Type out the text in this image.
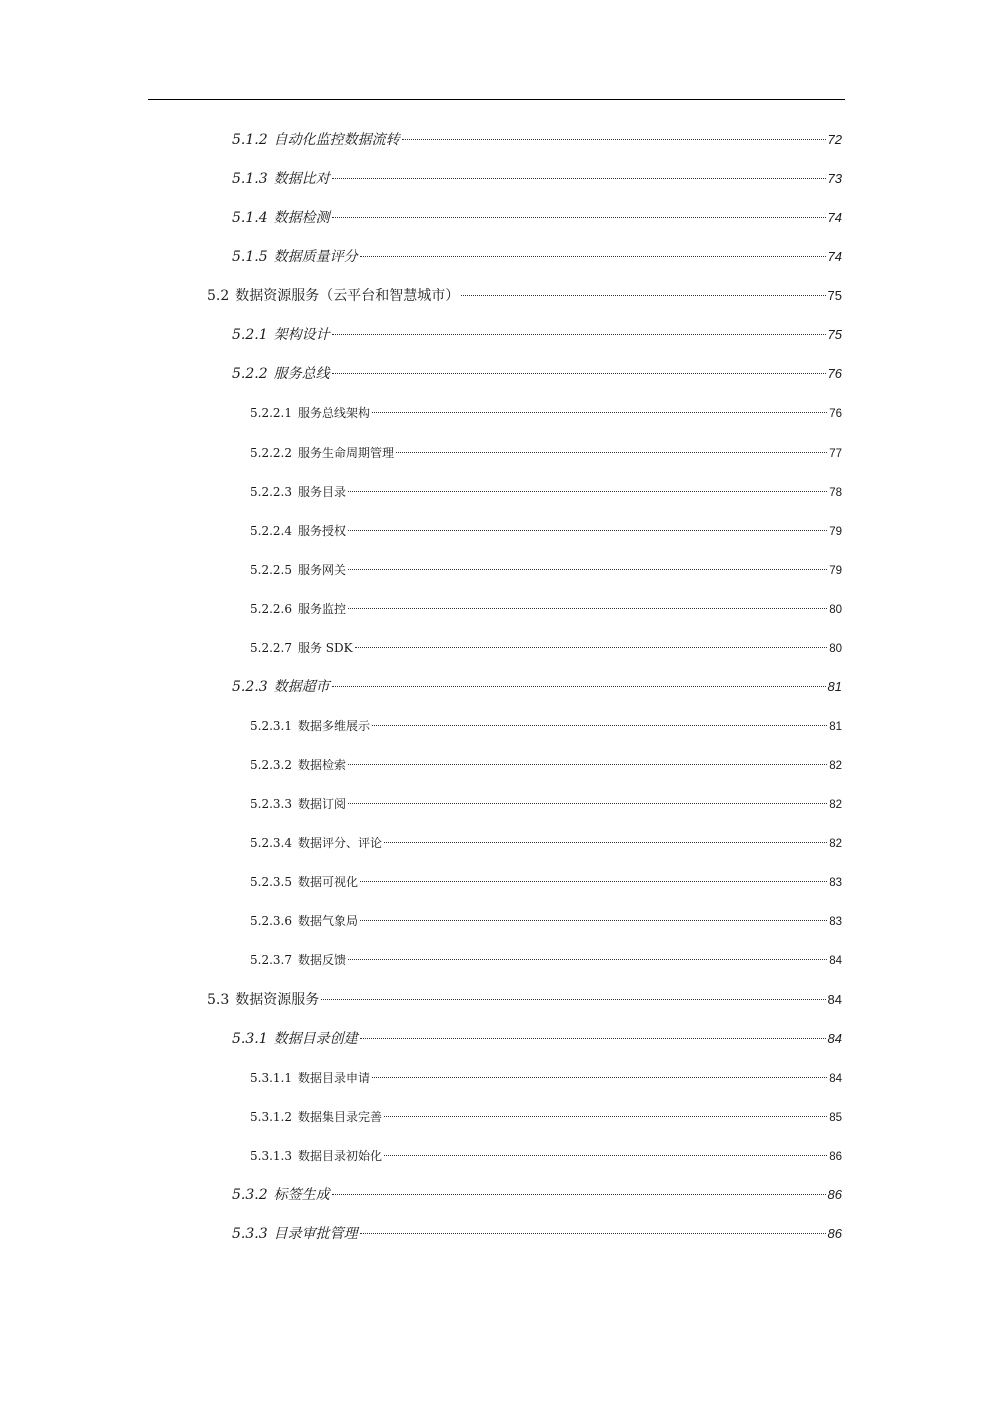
5.1.2 自动化监控数据流转	72
5.1.3 数据比对	73
5.1.4 数据检测	74
5.1.5 数据质量评分	74
5.2 数据资源服务（云平台和智慧城市）	75
5.2.1 架构设计	75
5.2.2 服务总线	76
5.2.2.1 服务总线架构	76
5.2.2.2 服务生命周期管理	77
5.2.2.3 服务目录	78
5.2.2.4 服务授权	79
5.2.2.5 服务网关	79
5.2.2.6 服务监控	80
5.2.2.7 服务 SDK	80
5.2.3 数据超市	81
5.2.3.1 数据多维展示	81
5.2.3.2 数据检索	82
5.2.3.3 数据订阅	82
5.2.3.4 数据评分、评论	82
5.2.3.5 数据可视化	83
5.2.3.6 数据气象局	83
5.2.3.7 数据反馈	84
5.3 数据资源服务	84
5.3.1 数据目录创建	84
5.3.1.1 数据目录申请	84
5.3.1.2 数据集目录完善	85
5.3.1.3 数据目录初始化	86
5.3.2 标签生成	86
5.3.3 目录审批管理	86
